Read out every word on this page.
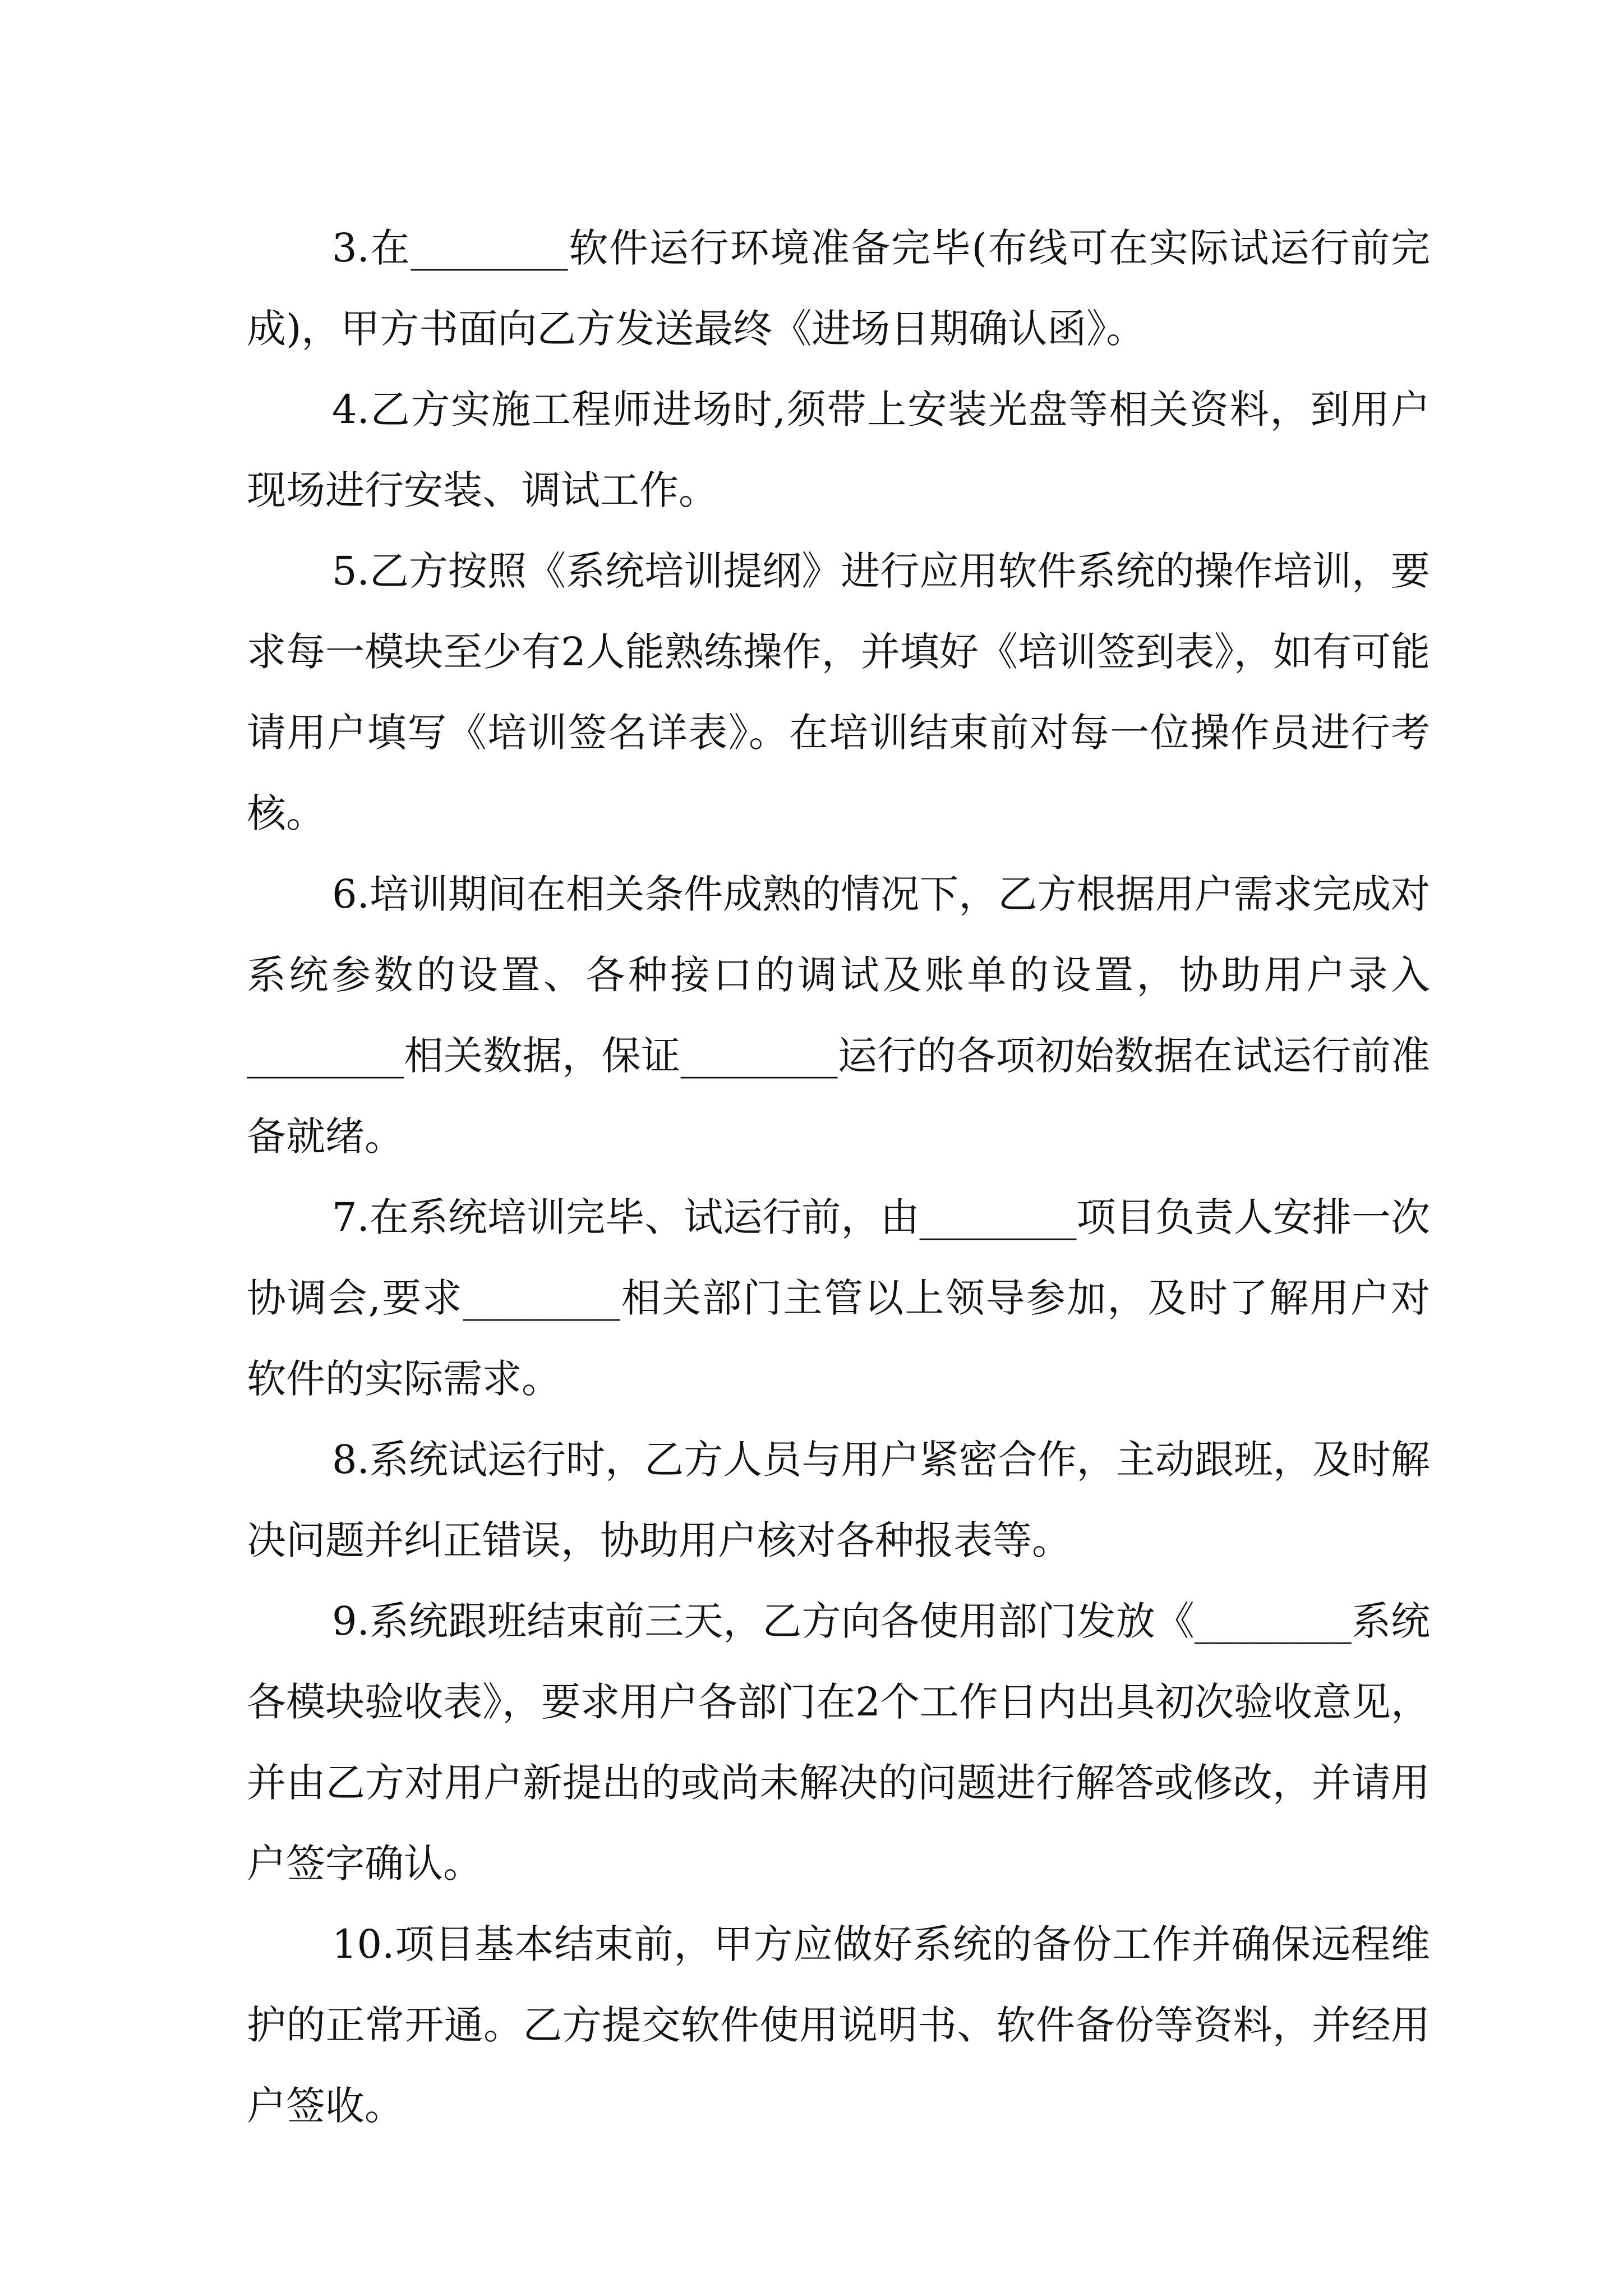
3.在________软件运行环境准备完毕(布线可在实际试运行前完成)，甲方书面向乙方发送最终《进场日期确认函》。

4.乙方实施工程师进场时,须带上安装光盘等相关资料，到用户现场进行安装、调试工作。

5.乙方按照《系统培训提纲》进行应用软件系统的操作培训，要求每一模块至少有2人能熟练操作，并填好《培训签到表》，如有可能请用户填写《培训签名详表》。在培训结束前对每一位操作员进行考核。

6.培训期间在相关条件成熟的情况下，乙方根据用户需求完成对系统参数的设置、各种接口的调试及账单的设置，协助用户录入________相关数据，保证________运行的各项初始数据在试运行前准备就绪。

7.在系统培训完毕、试运行前，由________项目负责人安排一次协调会,要求________相关部门主管以上领导参加，及时了解用户对软件的实际需求。

8.系统试运行时，乙方人员与用户紧密合作，主动跟班，及时解决问题并纠正错误，协助用户核对各种报表等。

9.系统跟班结束前三天，乙方向各使用部门发放《________系统各模块验收表》，要求用户各部门在2个工作日内出具初次验收意见，并由乙方对用户新提出的或尚未解决的问题进行解答或修改，并请用户签字确认。

10.项目基本结束前，甲方应做好系统的备份工作并确保远程维护的正常开通。乙方提交软件使用说明书、软件备份等资料，并经用户签收。
